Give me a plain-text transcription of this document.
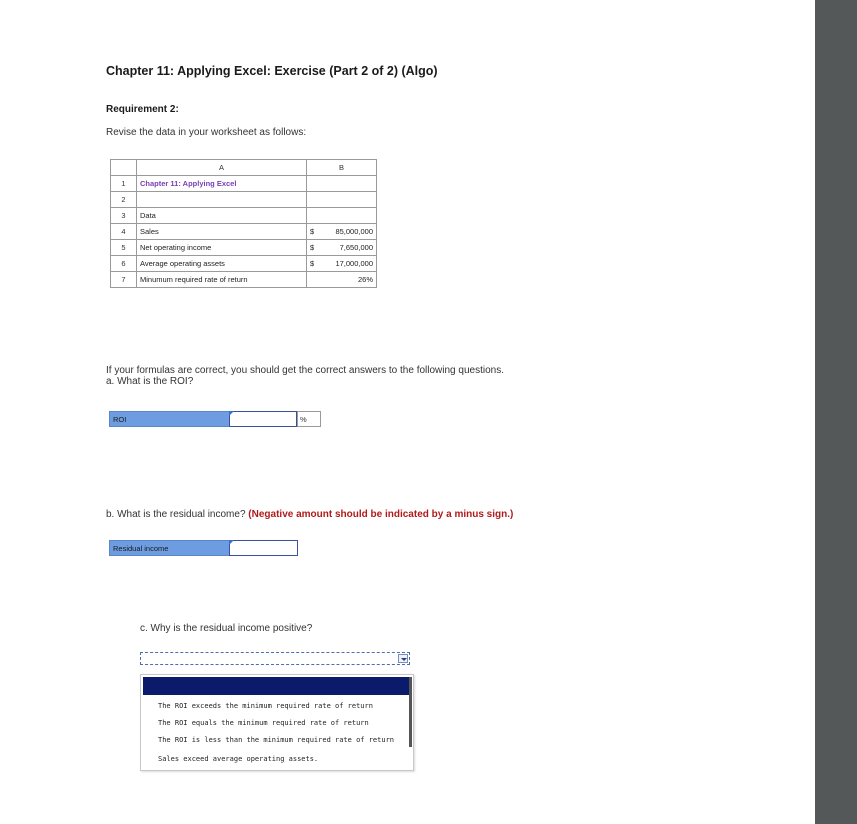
Chapter 11: Applying Excel: Exercise (Part 2 of 2) (Algo)
Requirement 2:
Revise the data in your worksheet as follows:
	A	B
1	Chapter 11: Applying Excel	
2		
3	Data	
4	Sales	$ 85,000,000

5	Net operating income	$ 7,650,000

6	Average operating assets	$ 17,000,000

7	Minumum required rate of return	26%
If your formulas are correct, you should get the correct answers to the following questions.
a. What is the ROI?
ROI	%
b. What is the residual income? (Negative amount should be indicated by a minus sign.)
Residual income
c. Why is the residual income positive?
The ROI exceeds the minimum required rate of return
The ROI equals the minimum required rate of return
The ROI is less than the minimum required rate of return
Sales exceed average operating assets.
